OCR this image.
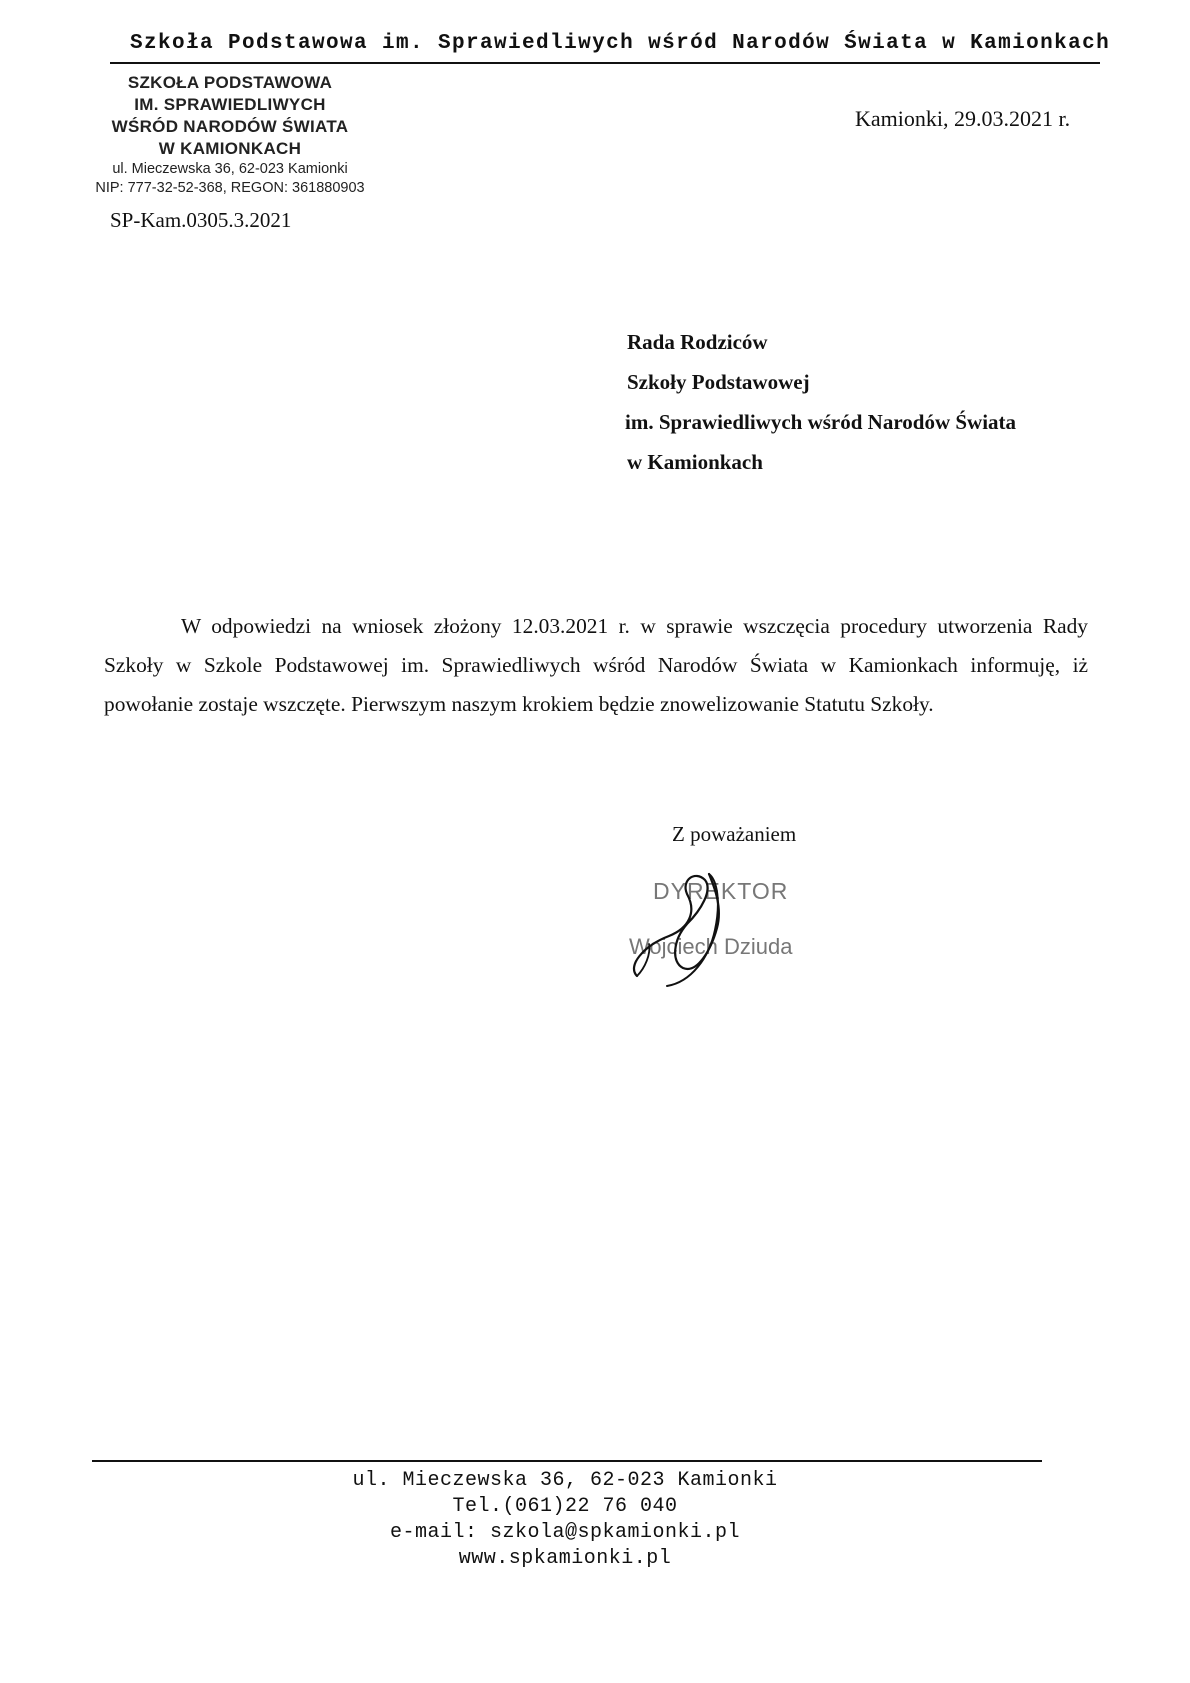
Szkoła Podstawowa im. Sprawiedliwych wśród Narodów Świata w Kamionkach
SZKOŁA PODSTAWOWA
IM. SPRAWIEDLIWYCH
WŚRÓD NARODÓW ŚWIATA
W KAMIONKACH
ul. Mieczewska 36, 62-023 Kamionki
NIP: 777-32-52-368, REGON: 361880903
SP-Kam.0305.3.2021
Kamionki, 29.03.2021 r.
Rada Rodziców
Szkoły Podstawowej
im. Sprawiedliwych wśród Narodów Świata
w Kamionkach
W odpowiedzi na wniosek złożony 12.03.2021 r. w sprawie wszczęcia procedury utworzenia Rady Szkoły w Szkole Podstawowej im. Sprawiedliwych wśród Narodów Świata w Kamionkach informuję, iż powołanie zostaje wszczęte. Pierwszym naszym krokiem będzie znowelizowanie Statutu Szkoły.
Z poważaniem
DYREKTOR
Wojciech Dziuda
ul. Mieczewska 36, 62-023 Kamionki
Tel.(061)22 76 040
e-mail: szkola@spkamionki.pl
www.spkamionki.pl
